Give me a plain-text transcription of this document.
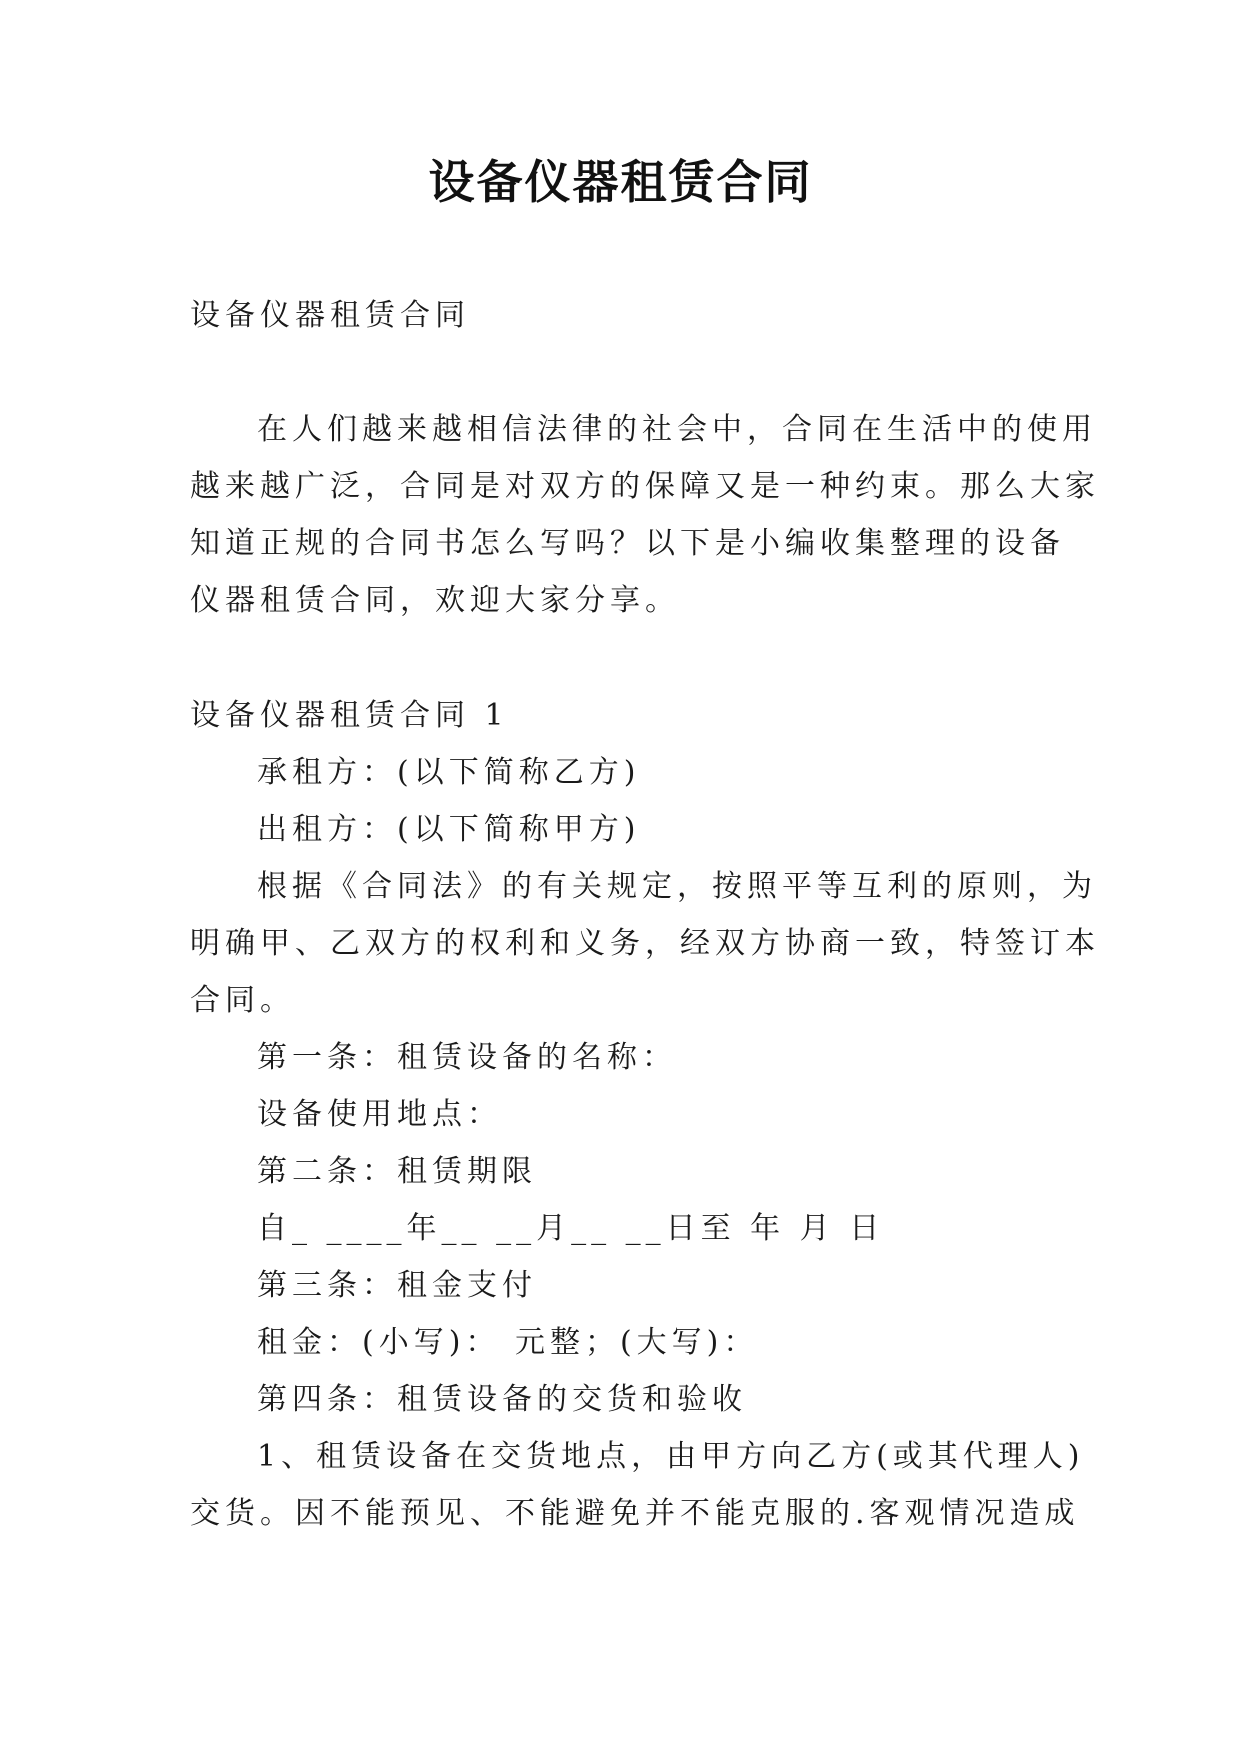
设备仪器租赁合同
设备仪器租赁合同
在人们越来越相信法律的社会中，合同在生活中的使用
越来越广泛，合同是对双方的保障又是一种约束。那么大家
知道正规的合同书怎么写吗？以下是小编收集整理的设备
仪器租赁合同，欢迎大家分享。
设备仪器租赁合同 1
承租方：(以下简称乙方)
出租方：(以下简称甲方)
根据《合同法》的有关规定，按照平等互利的原则，为
明确甲、乙双方的权利和义务，经双方协商一致，特签订本
合同。
第一条：租赁设备的名称：
设备使用地点：
第二条：租赁期限
自_ ____年__ __月__ __日至 年 月 日
第三条：租金支付
租金：(小写)： 元整；(大写)：
第四条：租赁设备的交货和验收
1、租赁设备在交货地点，由甲方向乙方(或其代理人)
交货。因不能预见、不能避免并不能克服的.客观情况造成
